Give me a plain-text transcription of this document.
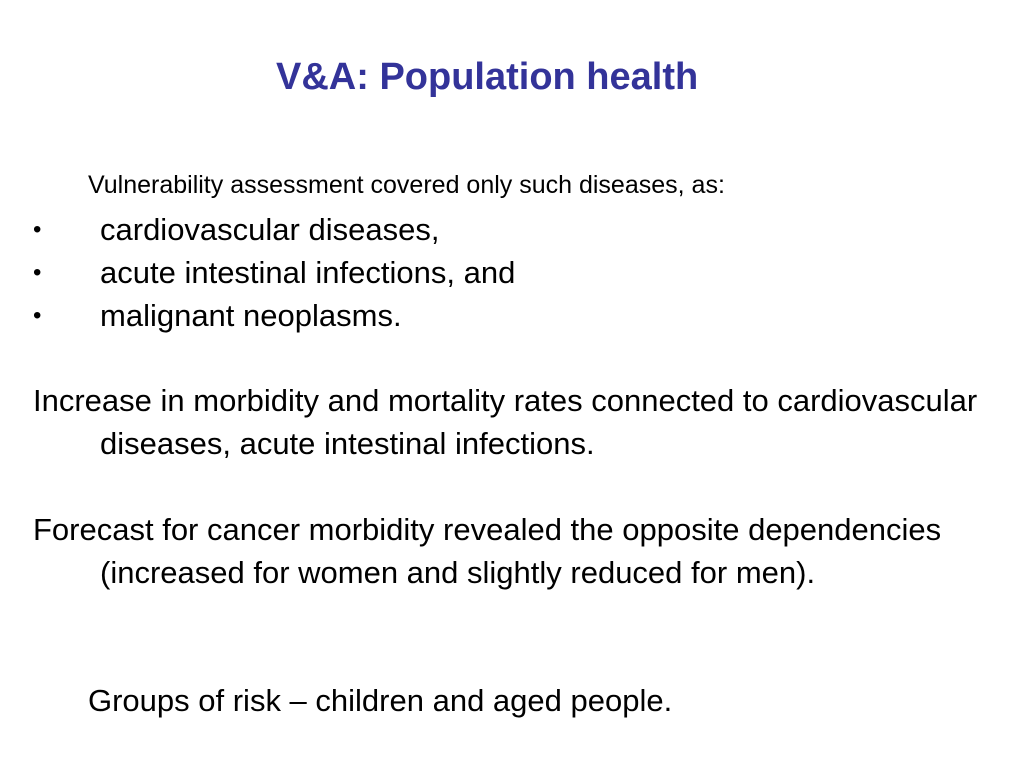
V&A: Population health
Vulnerability assessment covered only such diseases, as:
• cardiovascular diseases,
• acute intestinal infections, and
• malignant neoplasms.

Increase in morbidity and mortality rates connected to cardiovascular diseases, acute intestinal infections.

Forecast for cancer morbidity revealed the opposite dependencies (increased for women and slightly reduced for men).

Groups of risk – children and aged people.
